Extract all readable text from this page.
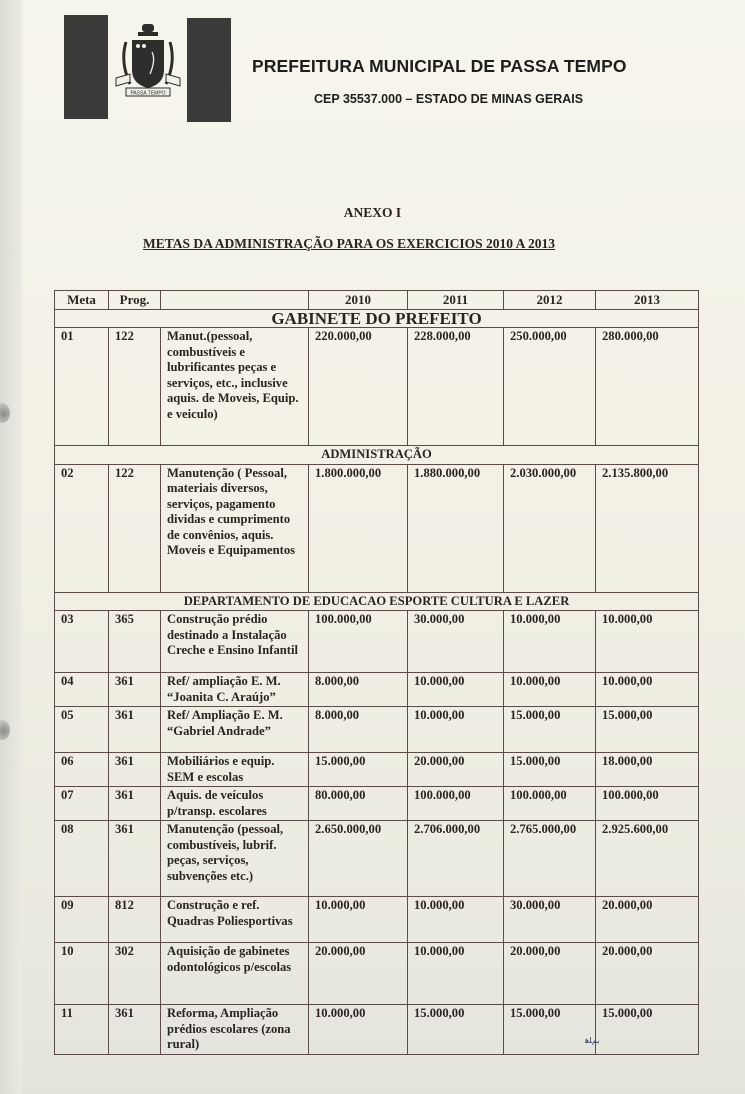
PASSA TEMPO
PREFEITURA MUNICIPAL DE PASSA TEMPO
CEP 35537.000 – ESTADO DE MINAS GERAIS
ANEXO I
METAS DA ADMINISTRAÇÃO PARA OS EXERCICIOS 2010 A 2013
Meta	Prog.		2010	2011	2012	2013
GABINETE DO PREFEITO						
01	122	Manut.(pessoal, combustíveis e lubrificantes peças e serviços, etc., inclusive aquis. de Moveis, Equip. e veiculo)	220.000,00	228.000,00	250.000,00	280.000,00
ADMINISTRAÇÃO						
02	122	Manutenção ( Pessoal, materiais diversos, serviços, pagamento dividas e cumprimento de convênios, aquis. Moveis e Equipamentos	1.800.000,00	1.880.000,00	2.030.000,00	2.135.800,00
DEPARTAMENTO DE EDUCACAO ESPORTE CULTURA E LAZER						
03	365	Construção prédio destinado a Instalação Creche e Ensino Infantil	100.000,00	30.000,00	10.000,00	10.000,00
04	361	Ref/ ampliação E. M. “Joanita C. Araújo”	8.000,00	10.000,00	10.000,00	10.000,00
05	361	Ref/ Ampliação E. M. “Gabriel Andrade”	8.000,00	10.000,00	15.000,00	15.000,00
06	361	Mobiliários e equip. SEM e escolas	15.000,00	20.000,00	15.000,00	18.000,00
07	361	Aquis. de veículos p/transp. escolares	80.000,00	100.000,00	100.000,00	100.000,00
08	361	Manutenção (pessoal, combustíveis, lubrif. peças, serviços, subvenções etc.)	2.650.000,00	2.706.000,00	2.765.000,00	2.925.600,00
09	812	Construção e ref. Quadras Poliesportivas	10.000,00	10.000,00	30.000,00	20.000,00
10	302	Aquisição de gabinetes odontológicos p/escolas	20.000,00	10.000,00	20.000,00	20.000,00
11	361	Reforma, Ampliação prédios escolares (zona rural)	10.000,00	15.000,00	15.000,00	15.000,00
ﺑﻢﻠﻫ
